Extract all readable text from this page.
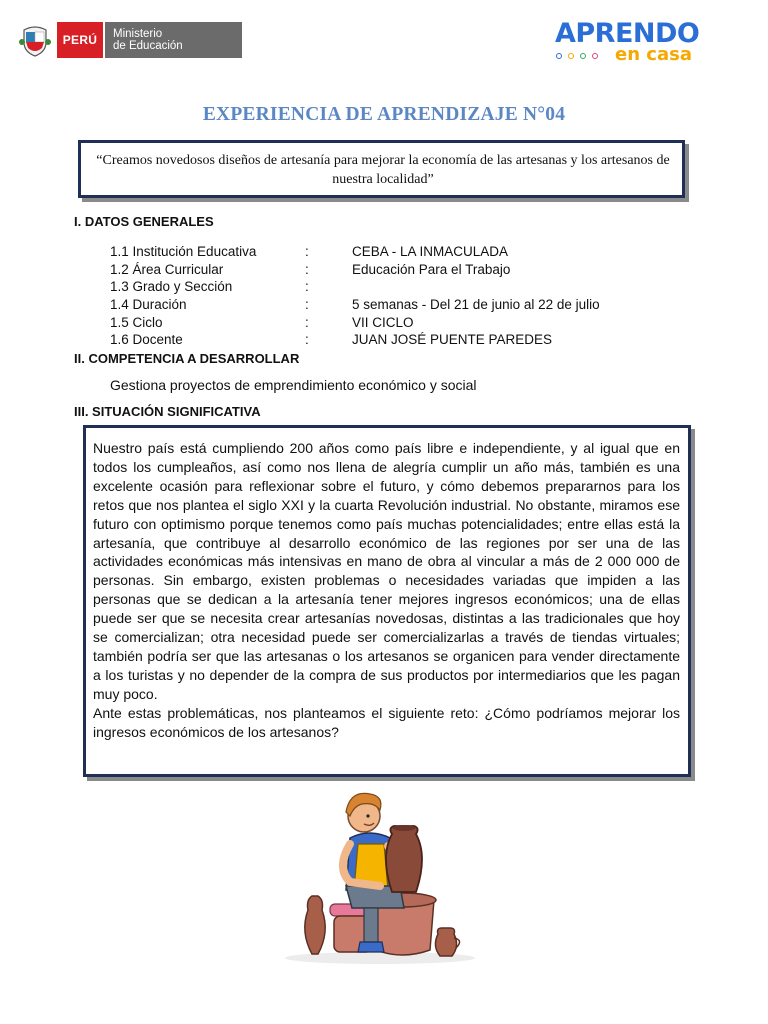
PERÚ	Ministerio
de Educación	APRENDO
en casa
EXPERIENCIA DE APRENDIZAJE N°04
“Creamos novedosos diseños de artesanía para mejorar la economía de las artesanas y los artesanos de nuestra localidad”
I. DATOS GENERALES
1.1 Institución Educativa	:	CEBA - LA INMACULADA
1.2 Área Curricular	:	Educación Para el Trabajo
1.3 Grado y Sección	:
1.4 Duración	:	5 semanas - Del 21 de junio al 22 de julio
1.5 Ciclo	:	VII CICLO
1.6 Docente	:	JUAN JOSÉ PUENTE PAREDES
II. COMPETENCIA A DESARROLLAR
Gestiona proyectos de emprendimiento económico y social
III. SITUACIÓN SIGNIFICATIVA

Nuestro país está cumpliendo 200 años como país libre e independiente, y al igual que en todos los cumpleaños, así como nos llena de alegría cumplir un año más, también es una excelente ocasión para reflexionar sobre el futuro, y cómo debemos prepararnos para los retos que nos plantea el siglo XXI y la cuarta Revolución industrial. No obstante, miramos ese futuro con optimismo porque tenemos como país muchas potencialidades; entre ellas está la artesanía, que contribuye al desarrollo económico de las regiones por ser una de las actividades económicas más intensivas en mano de obra al vincular a más de 2 000 000 de personas. Sin embargo, existen problemas o necesidades variadas que impiden a las personas que se dedican a la artesanía tener mejores ingresos económicos; una de ellas puede ser que se necesita crear artesanías novedosas, distintas a las tradicionales que hoy se comercializan; otra necesidad puede ser comercializarlas a través de tiendas virtuales; también podría ser que las artesanas o los artesanos se organicen para vender directamente a los turistas y no depender de la compra de sus productos por intermediarios que les pagan muy poco.

Ante estas problemáticas, nos planteamos el siguiente reto: ¿Cómo podríamos mejorar los ingresos económicos de los artesanos?
